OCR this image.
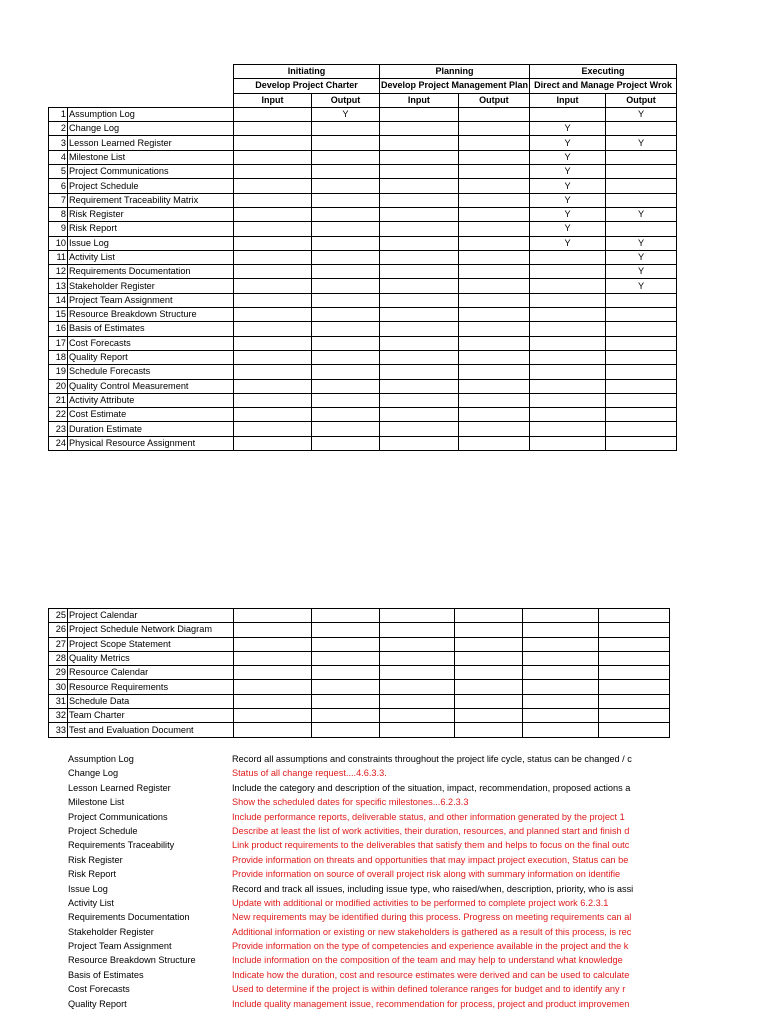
		Initiating		Planning		Executing	
		Develop Project Charter		Develop Project Management Plan		Direct and Manage Project Wrok	
		Input	Output	Input	Output	Input	Output
1	Assumption Log		Y				Y
2	Change Log					Y	
3	Lesson Learned Register					Y	Y
4	Milestone List					Y	
5	Project Communications					Y	
6	Project Schedule					Y	
7	Requirement Traceability Matrix					Y	
8	Risk Register					Y	Y
9	Risk Report					Y	
10	Issue Log					Y	Y
11	Activity List						Y
12	Requirements Documentation						Y
13	Stakeholder Register						Y
14	Project Team Assignment						
15	Resource Breakdown Structure						
16	Basis of Estimates						
17	Cost Forecasts						
18	Quality Report						
19	Schedule Forecasts						
20	Quality Control Measurement						
21	Activity Attribute						
22	Cost Estimate						
23	Duration Estimate						
24	Physical Resource Assignment						
25	Project Calendar						
26	Project Schedule Network Diagram						
27	Project Scope Statement						
28	Quality Metrics						
29	Resource Calendar						
30	Resource Requirements						
31	Schedule Data						
32	Team Charter						
33	Test and Evaluation Document						
Assumption Log	Record all assumptions and constraints throughout the project life cycle, status can be changed / c
Change Log	Status of all change request....4.6.3.3.
Lesson Learned Register	Include the category and description of the situation, impact, recommendation, proposed actions a
Milestone List	Show the scheduled dates for specific milestones...6.2.3.3
Project Communications	Include performance reports, deliverable status, and other information generated by the project 1
Project Schedule	Describe at least the list of work activities, their duration, resources, and planned start and finish d
Requirements Traceability	Link product requirements to the deliverables that satisfy them and helps to focus on the final outc
Risk Register	Provide information on threats and opportunities that may impact project execution, Status can be
Risk Report	Provide information on source of overall project risk along with summary information on identifie
Issue Log	Record and track all issues, including issue type, who raised/when, description, priority, who is assi
Activity List	Update with additional or modified activities to be performed to complete project work 6.2.3.1
Requirements Documentation	New requirements may be identified during this process. Progress on meeting requirements can al
Stakeholder Register	Additional information or existing or new stakeholders is gathered as a result of this process, is rec
Project Team Assignment	Provide information on the type of competencies and experience available in the project and the k
Resource Breakdown Structure	Include information on the composition of the team and may help to understand what knowledge
Basis of Estimates	Indicate how the duration, cost and resource estimates were derived and can be used to calculate
Cost Forecasts	Used to determine if the project is within defined tolerance ranges for budget and to identify any r
Quality Report	Include quality management issue, recommendation for process, project and product improvemen
